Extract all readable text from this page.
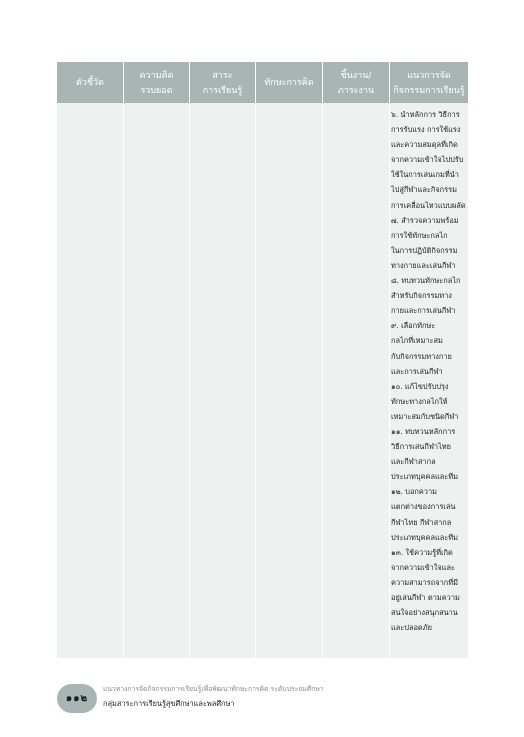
ตัวชี้วัด
ความคิด
รวบยอด
สาระ
การเรียนรู้
ทักษะการคิด
ชิ้นงาน/
ภาระงาน
แนวการจัด
กิจกรรมการเรียนรู้
๖. นำหลักการ วิธีการ
การรับแรง การใช้แรง
และความสมดุลที่เกิด
จากความเข้าใจไปปรับ
ใช้ในการเล่นเกมที่นำ
ไปสู่กีฬาและกิจกรรม
การเคลื่อนไหวแบบผลัด
๗. สำรวจความพร้อม
การใช้ทักษะกลไก
ในการปฏิบัติกิจกรรม
ทางกายและเล่นกีฬา
๘. ทบทวนทักษะกลไก
สำหรับกิจกรรมทาง
กายและการเล่นกีฬา
๙. เลือกทักษะ
กลไกที่เหมาะสม
กับกิจกรรมทางกาย
และการเล่นกีฬา
๑๐. แก้ไขปรับปรุง
ทักษะทางกลไกให้
เหมาะสมกับชนิดกีฬา
๑๑. ทบทวนหลักการ
วิธีการเล่นกีฬาไทย
และกีฬาสากล
ประเภทบุคคลและทีม
๑๒. บอกความ
แตกต่างของการเล่น
กีฬาไทย กีฬาสากล
ประเภทบุคคลและทีม
๑๓. ใช้ความรู้ที่เกิด
จากความเข้าใจและ
ความสามารถจากที่มี
อยู่เล่นกีฬา ตามความ
สนใจอย่างสนุกสนาน
และปลอดภัย
๑๑๒
แนวทางการจัดกิจกรรมการเรียนรู้เพื่อพัฒนาทักษะการคิด ระดับประถมศึกษา
กลุ่มสาระการเรียนรู้สุขศึกษาและพลศึกษา
